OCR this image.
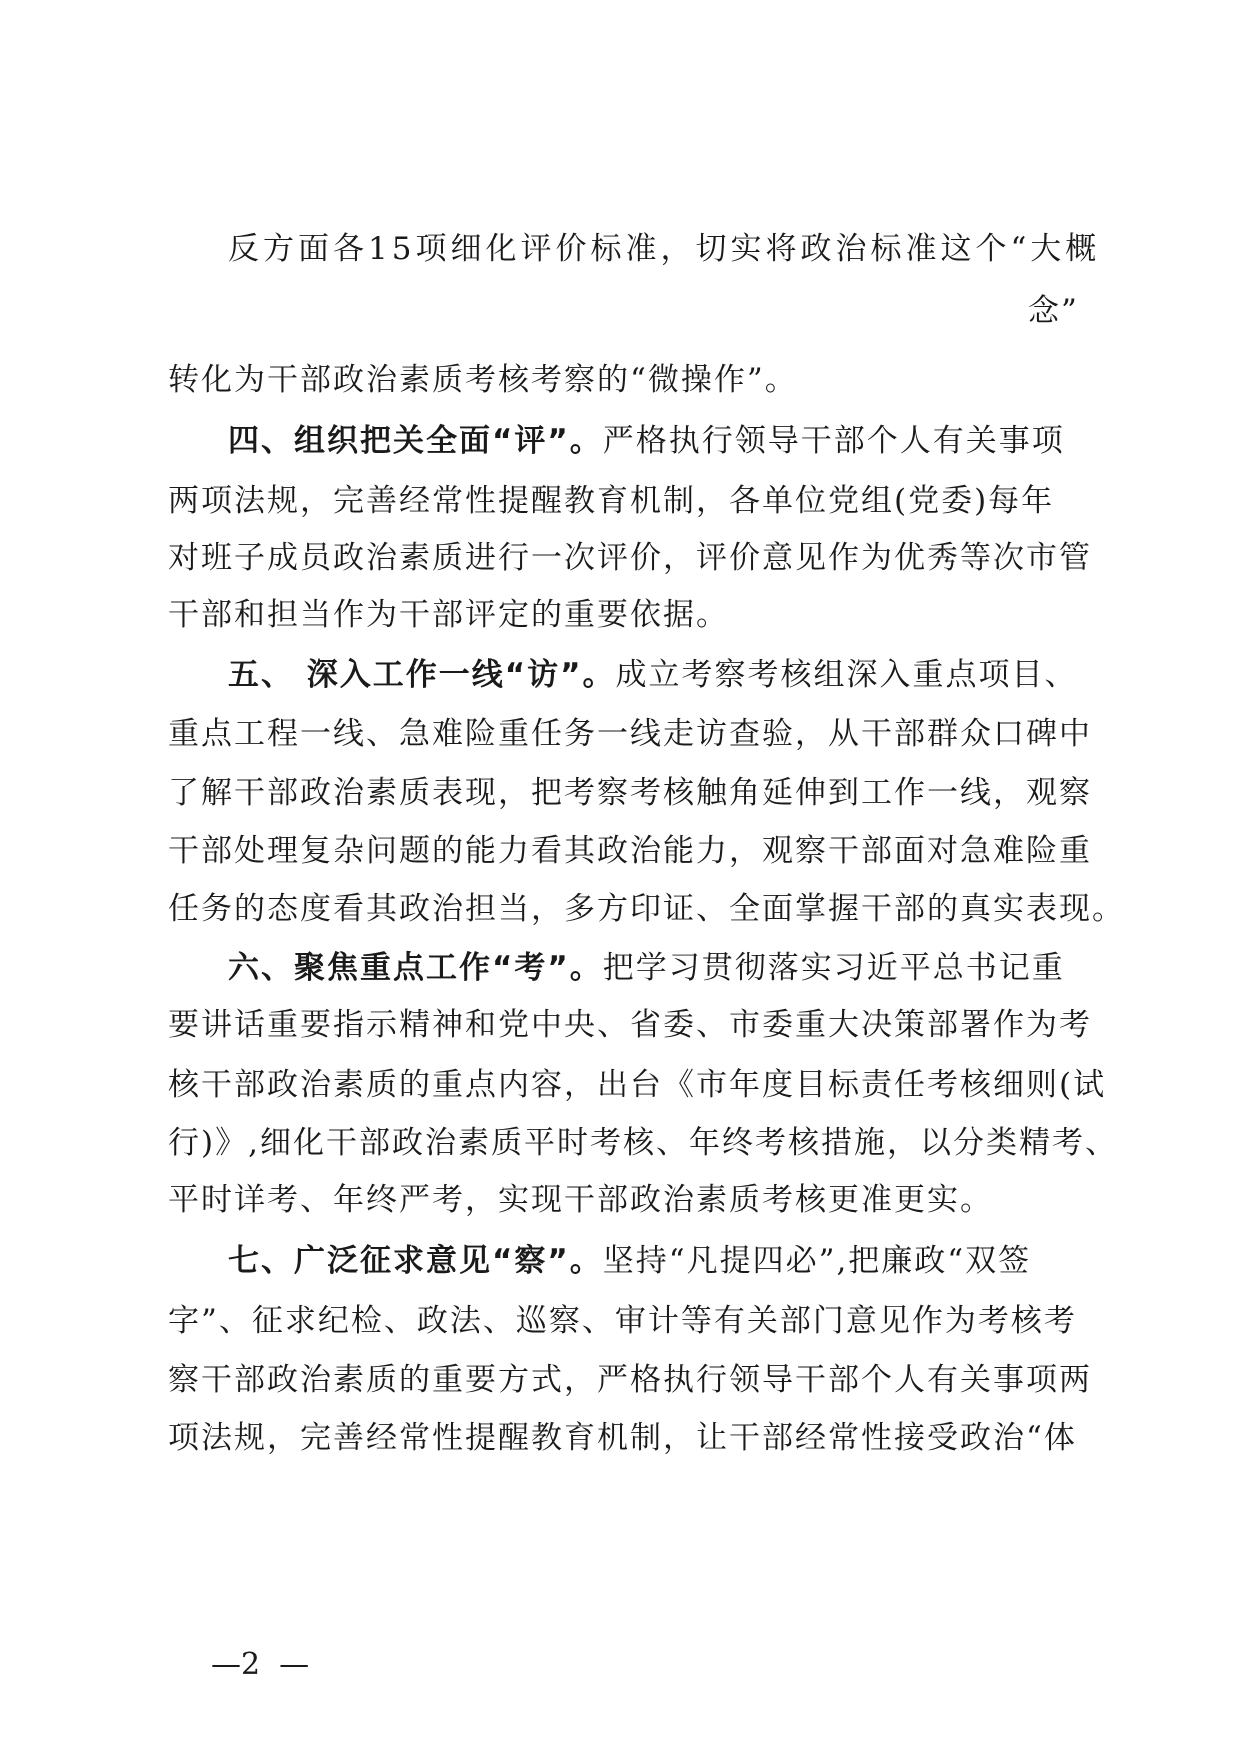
反方面各15项细化评价标准，切实将政治标准这个“大概
念”
转化为干部政治素质考核考察的“微操作”。
四、组织把关全面“评”。严格执行领导干部个人有关事项
两项法规，完善经常性提醒教育机制，各单位党组(党委)每年
对班子成员政治素质进行一次评价，评价意见作为优秀等次市管
干部和担当作为干部评定的重要依据。
五、 深入工作一线“访”。成立考察考核组深入重点项目、
重点工程一线、急难险重任务一线走访查验，从干部群众口碑中
了解干部政治素质表现，把考察考核触角延伸到工作一线，观察
干部处理复杂问题的能力看其政治能力，观察干部面对急难险重
任务的态度看其政治担当，多方印证、全面掌握干部的真实表现。
六、聚焦重点工作“考”。把学习贯彻落实习近平总书记重
要讲话重要指示精神和党中央、省委、市委重大决策部署作为考
核干部政治素质的重点内容，出台《市年度目标责任考核细则(试
行)》,细化干部政治素质平时考核、年终考核措施，以分类精考、
平时详考、年终严考，实现干部政治素质考核更准更实。
七、广泛征求意见“察”。坚持“凡提四必”,把廉政“双签
字”、征求纪检、政法、巡察、审计等有关部门意见作为考核考
察干部政治素质的重要方式，严格执行领导干部个人有关事项两
项法规，完善经常性提醒教育机制，让干部经常性接受政治“体
—2  —
